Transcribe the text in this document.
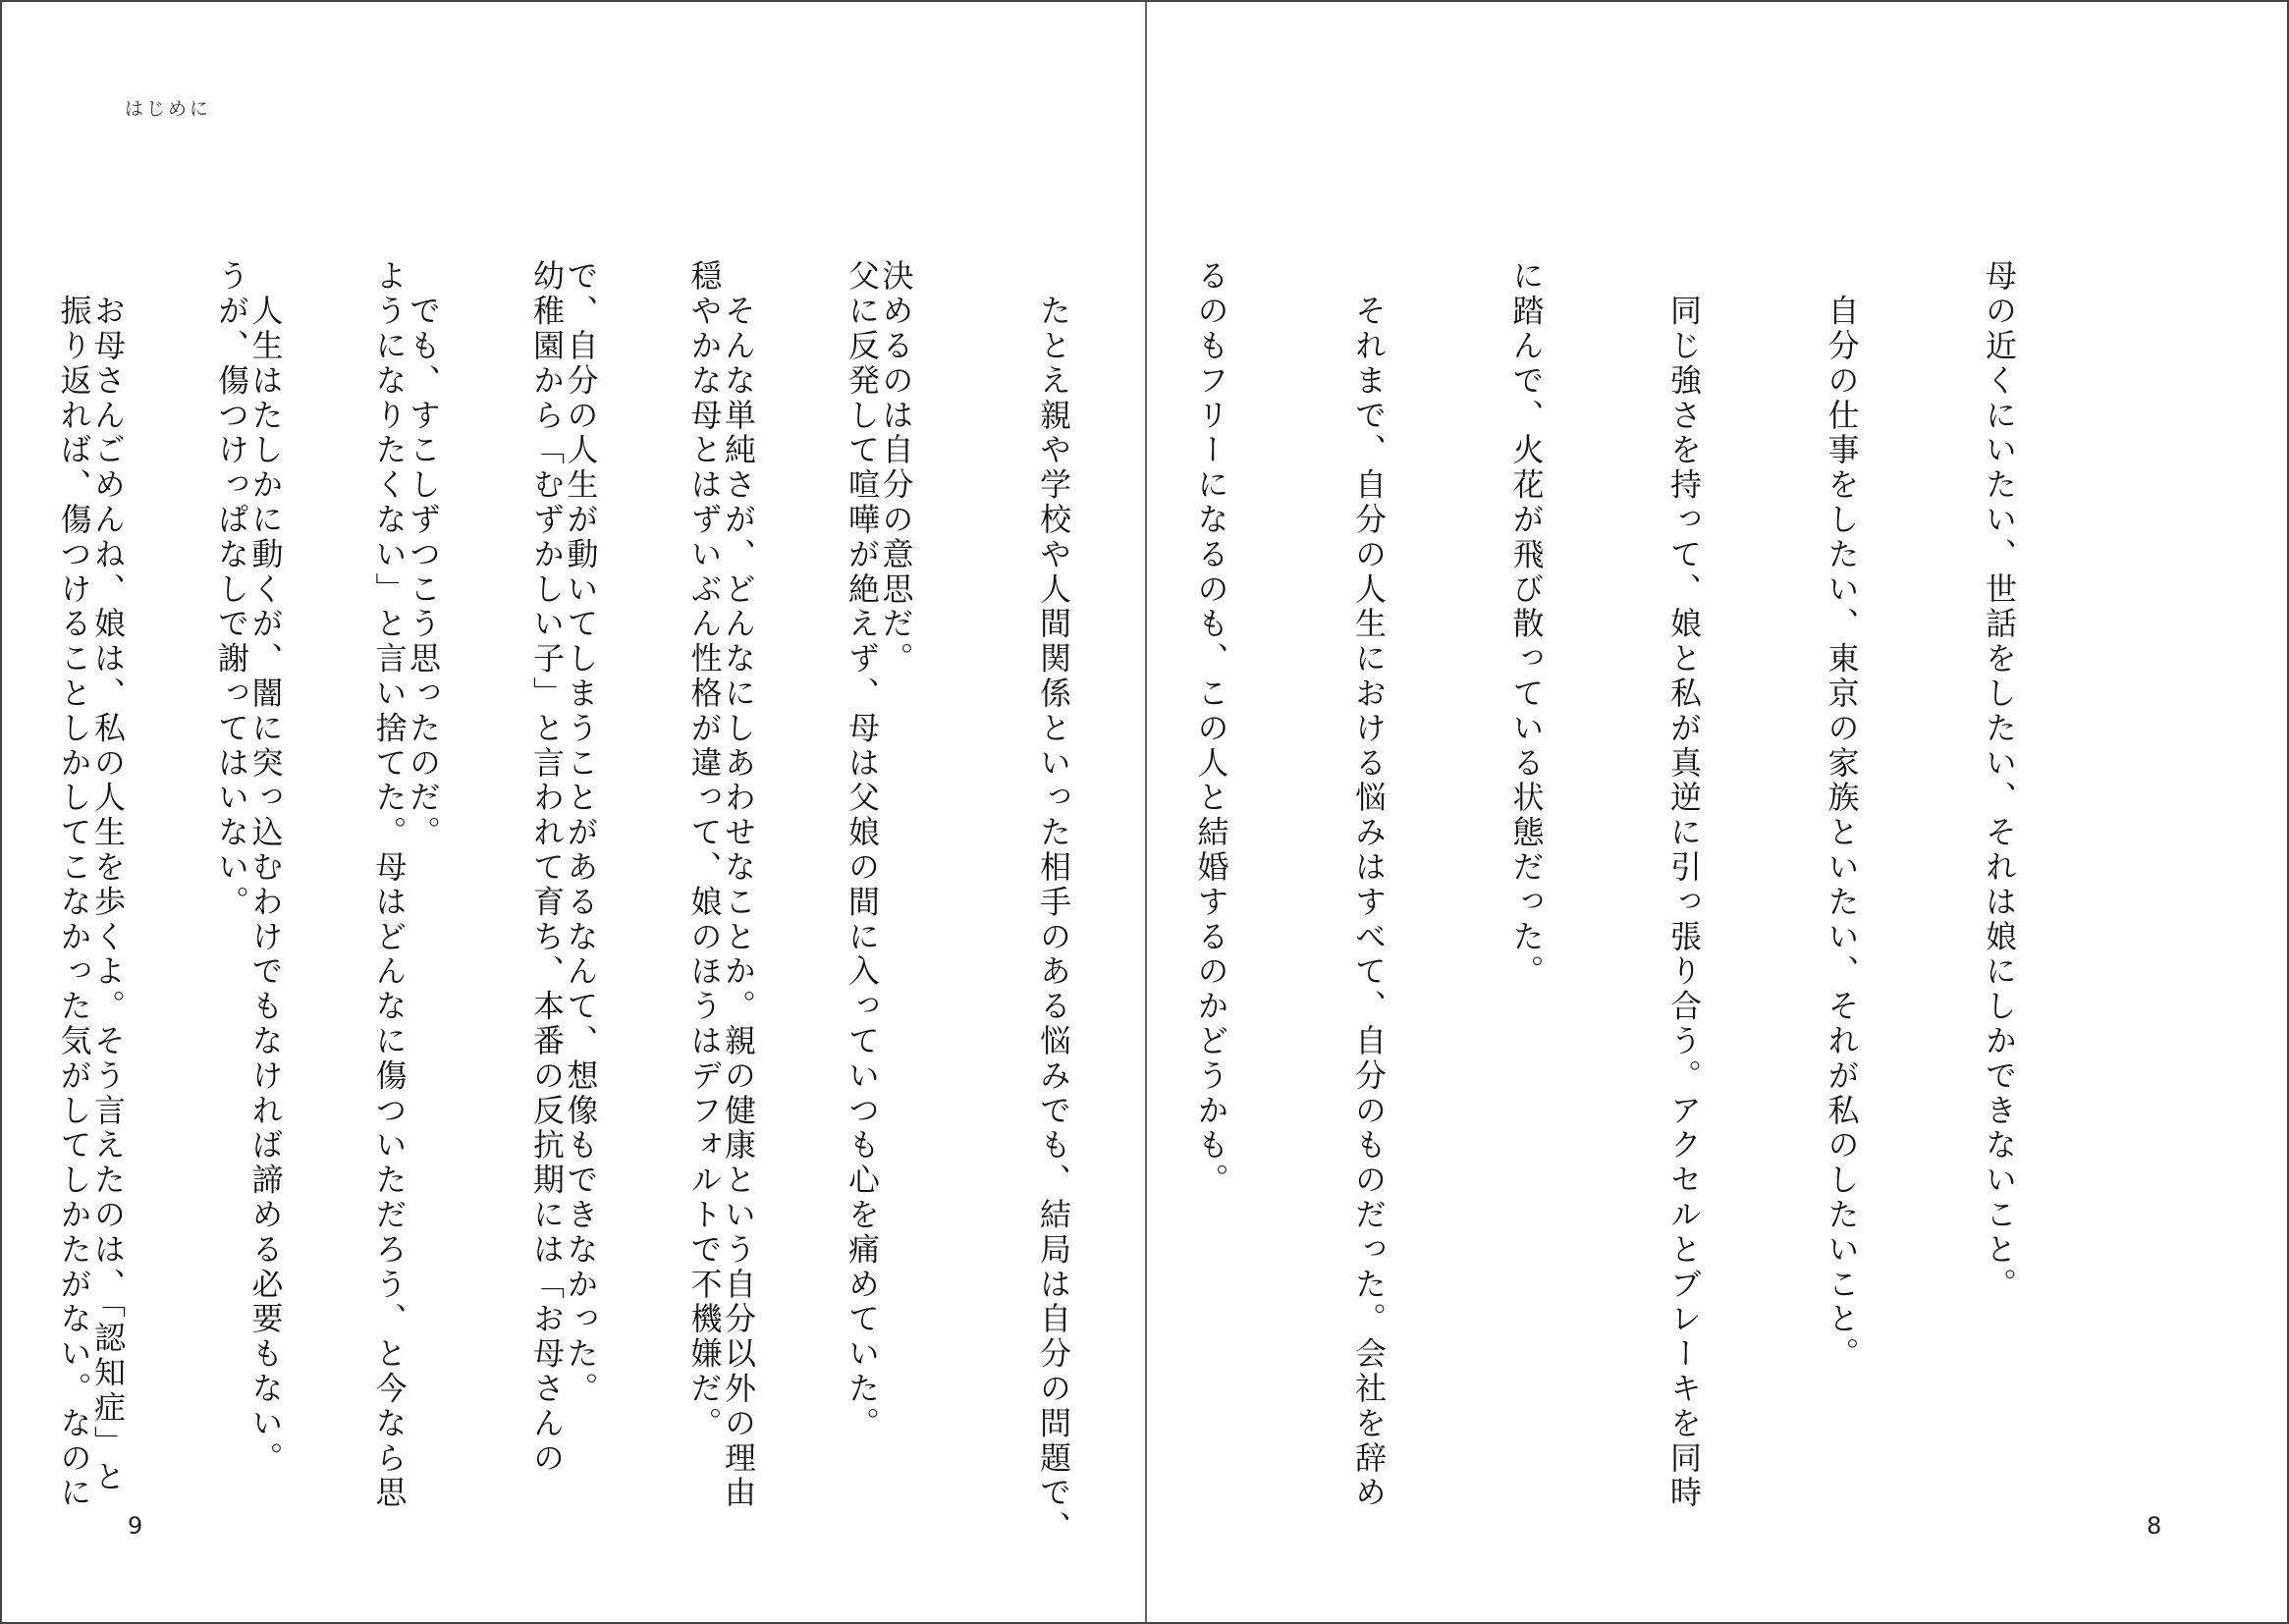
はじめに

父に反発して喧嘩が絶えず、母は父娘の間に入っていつも心を痛めていた。

穏やかな母とはずいぶん性格が違って、娘のほうはデフォルトで不機嫌だ。

幼稚園から「むずかしい子」と言われて育ち、本番の反抗期には「お母さんの

ようになりたくない」と言い捨てた。母はどんなに傷ついただろう、と今なら思

うが、傷つけっぱなしで謝ってはいない。

　振り返れば、傷つけることしかしてこなかった気がしてしかたがない。なのに

9

母の近くにいたい、世話をしたい、それは娘にしかできないこと。

　自分の仕事をしたい、東京の家族といたい、それが私のしたいこと。

　同じ強さを持って、娘と私が真逆に引っ張り合う。アクセルとブレーキを同時

に踏んで、火花が飛び散っている状態だった。

　それまで、自分の人生における悩みはすべて、自分のものだった。会社を辞め

るのもフリーになるのも、この人と結婚するのかどうかも。

　たとえ親や学校や人間関係といった相手のある悩みでも、結局は自分の問題で、

決めるのは自分の意思だ。

　そんな単純さが、どんなにしあわせなことか。親の健康という自分以外の理由

で、自分の人生が動いてしまうことがあるなんて、想像もできなかった。

　でも、すこしずつこう思ったのだ。

　人生はたしかに動くが、闇に突っ込むわけでもなければ諦める必要もない。

　お母さんごめんね、娘は、私の人生を歩くよ。そう言えたのは、「認知症」と

8
